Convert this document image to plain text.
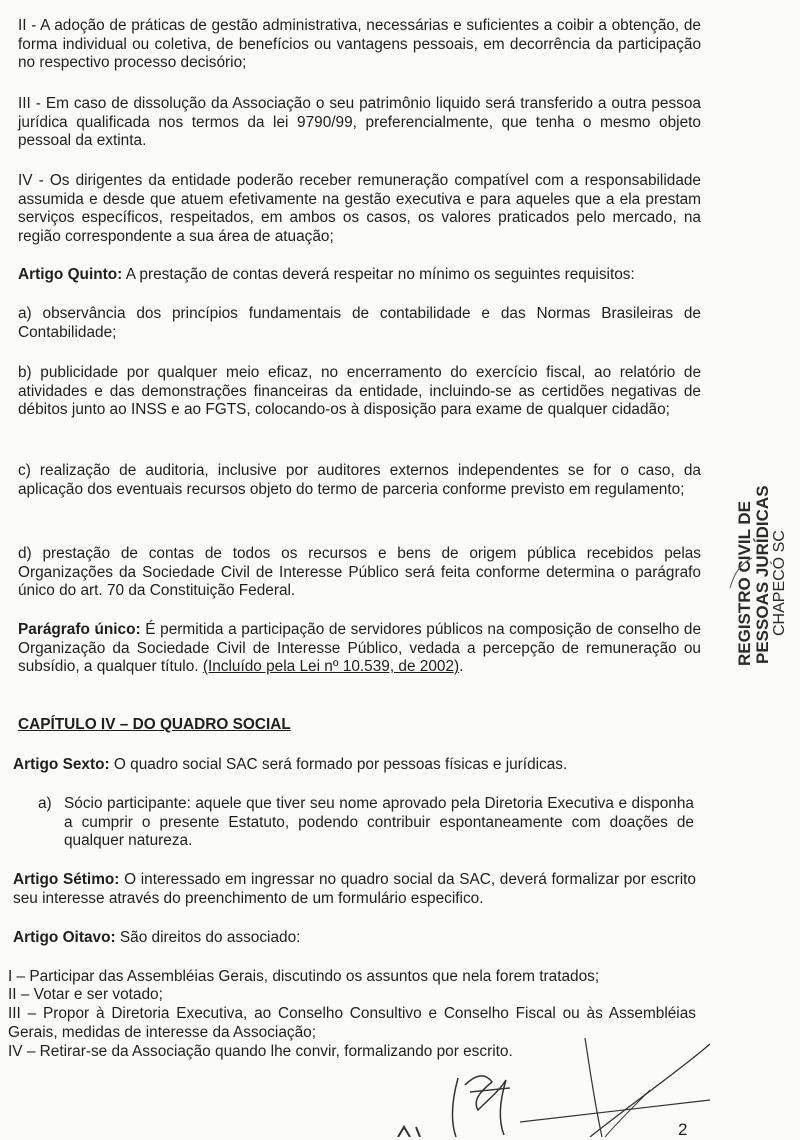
II - A adoção de práticas de gestão administrativa, necessárias e suficientes a coibir a obtenção, de forma individual ou coletiva, de benefícios ou vantagens pessoais, em decorrência da participação no respectivo processo decisório;

III - Em caso de dissolução da Associação o seu patrimônio liquido será transferido a outra pessoa jurídica qualificada nos termos da lei 9790/99, preferencialmente, que tenha o mesmo objeto pessoal da extinta.

IV - Os dirigentes da entidade poderão receber remuneração compatível com a responsabilidade assumida e desde que atuem efetivamente na gestão executiva e para aqueles que a ela prestam serviços específicos, respeitados, em ambos os casos, os valores praticados pelo mercado, na região correspondente a sua área de atuação;

Artigo Quinto: A prestação de contas deverá respeitar no mínimo os seguintes requisitos:

a) observância dos princípios fundamentais de contabilidade e das Normas Brasileiras de Contabilidade;

b) publicidade por qualquer meio eficaz, no encerramento do exercício fiscal, ao relatório de atividades e das demonstrações financeiras da entidade, incluindo-se as certidões negativas de débitos junto ao INSS e ao FGTS, colocando-os à disposição para exame de qualquer cidadão;

c) realização de auditoria, inclusive por auditores externos independentes se for o caso, da aplicação dos eventuais recursos objeto do termo de parceria conforme previsto em regulamento;

d) prestação de contas de todos os recursos e bens de origem pública recebidos pelas Organizações da Sociedade Civil de Interesse Público será feita conforme determina o parágrafo único do art. 70 da Constituição Federal.

Parágrafo único: É permitida a participação de servidores públicos na composição de conselho de Organização da Sociedade Civil de Interesse Público, vedada a percepção de remuneração ou subsídio, a qualquer título. (Incluído pela Lei nº 10.539, de 2002).

CAPÍTULO IV – DO QUADRO SOCIAL

Artigo Sexto: O quadro social SAC será formado por pessoas físicas e jurídicas.

a) Sócio participante: aquele que tiver seu nome aprovado pela Diretoria Executiva e disponha a cumprir o presente Estatuto, podendo contribuir espontaneamente com doações de qualquer natureza.

Artigo Sétimo: O interessado em ingressar no quadro social da SAC, deverá formalizar por escrito seu interesse através do preenchimento de um formulário especifico.

Artigo Oitavo: São direitos do associado:

I – Participar das Assembléias Gerais, discutindo os assuntos que nela forem tratados;

II – Votar e ser votado;

III – Propor à Diretoria Executiva, ao Conselho Consultivo e Conselho Fiscal ou às Assembléias Gerais, medidas de interesse da Associação;

IV – Retirar-se da Associação quando lhe convir, formalizando por escrito.

REGISTRO CIVIL DE PESSOAS JURÍDICAS CHAPECÓ SC
2
